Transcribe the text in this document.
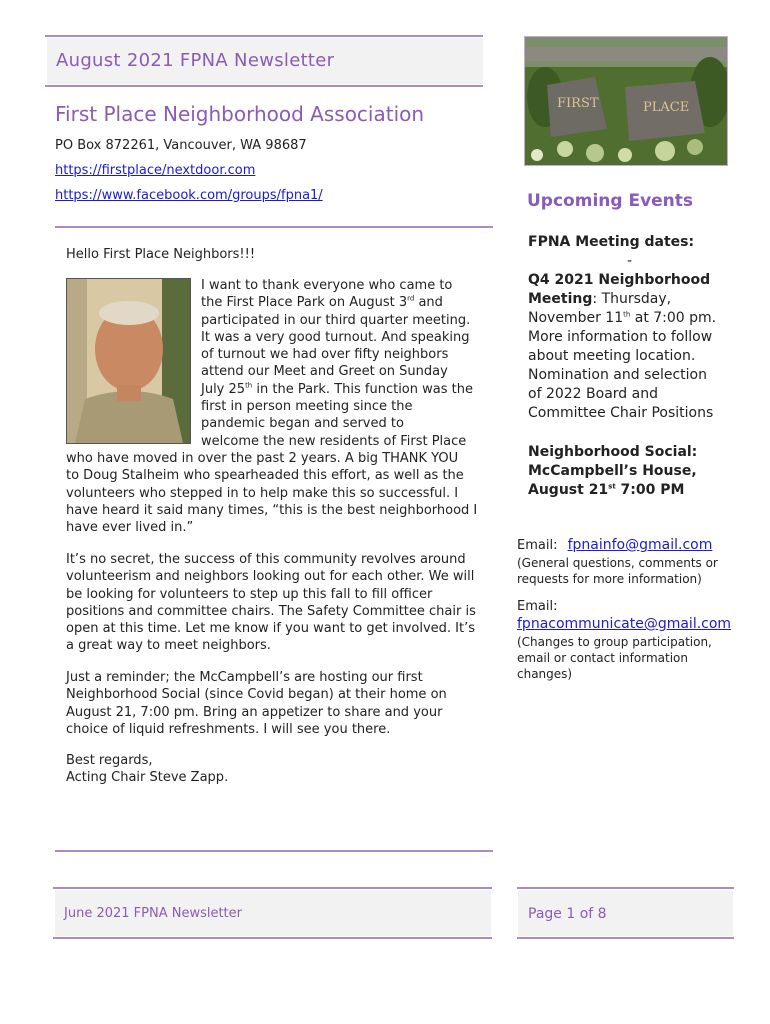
August 2021 FPNA Newsletter
First Place Neighborhood Association
PO Box 872261, Vancouver, WA 98687
https://firstplace/nextdoor.com
https://www.facebook.com/groups/fpna1/
FIRST	PLACE
Hello First Place Neighbors!!!
I want to thank everyone who came to
the First Place Park on August 3rd and
participated in our third quarter meeting.
It was a very good turnout. And speaking
of turnout we had over fifty neighbors
attend our Meet and Greet on Sunday
July 25th in the Park. This function was the
first in person meeting since the
pandemic began and served to
welcome the new residents of First Place
who have moved in over the past 2 years. A big THANK YOU
to Doug Stalheim who spearheaded this effort, as well as the
volunteers who stepped in to help make this so successful. I
have heard it said many times, “this is the best neighborhood I
have ever lived in.”
It’s no secret, the success of this community revolves around
volunteerism and neighbors looking out for each other. We will
be looking for volunteers to step up this fall to fill officer
positions and committee chairs. The Safety Committee chair is
open at this time. Let me know if you want to get involved. It’s
a great way to meet neighbors.
Just a reminder; the McCampbell’s are hosting our first
Neighborhood Social (since Covid began) at their home on
August 21, 7:00 pm. Bring an appetizer to share and your
choice of liquid refreshments. I will see you there.
Best regards,
Acting Chair Steve Zapp.
Upcoming Events
FPNA Meeting dates:
-
Q4 2021 Neighborhood
Meeting: Thursday,
November 11th at 7:00 pm.
More information to follow
about meeting location.
Nomination and selection
of 2022 Board and
Committee Chair Positions
Neighborhood Social:
McCampbell’s House,
August 21st 7:00 PM
Email: fpnainfo@gmail.com
(General questions, comments or
requests for more information)
Email:
fpnacommunicate@gmail.com
(Changes to group participation,
email or contact information
changes)
June 2021 FPNA Newsletter	Page 1 of 8
